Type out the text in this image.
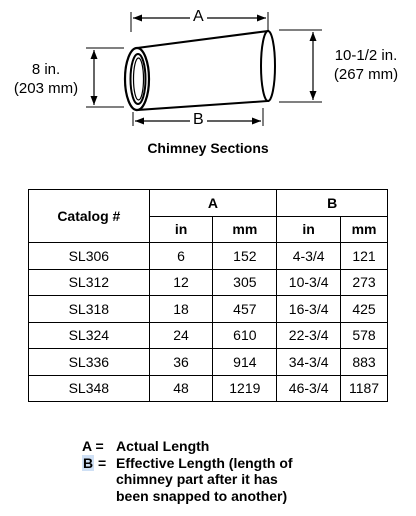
A
B
8 in.
(203 mm)
10-1/2 in.
(267 mm)
Chimney Sections
Catalog #	A		B	
	in	mm	in	mm
SL306	6	152	4-3/4	121
SL312	12	305	10-3/4	273
SL318	18	457	16-3/4	425
SL324	24	610	22-3/4	578
SL336	36	914	34-3/4	883
SL348	48	1219	46-3/4	1187
A = Actual Length
B = Effective Length (length of
chimney part after it has
been snapped to another)
